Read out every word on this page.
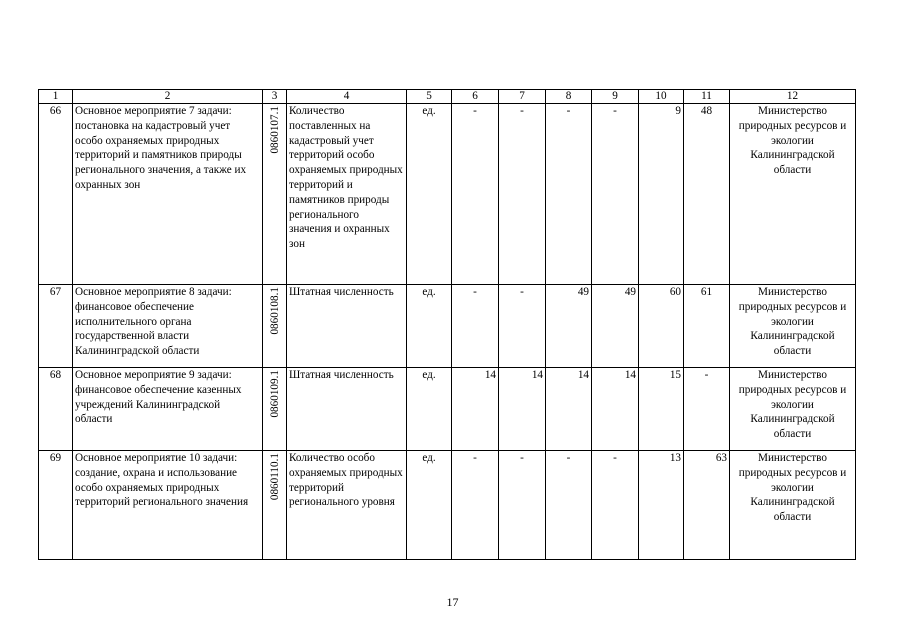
1	2	3	4	5	6	7	8	9	10	11	12
66	Основное мероприятие 7 задачи: постановка на кадастровый учет особо охраняемых природных территорий и памятников природы регионального значения, а также их охранных зон	0860107.1	Количество поставленных на кадастровый учет территорий особо охраняемых природных территорий и памятников природы регионального значения и охранных зон	ед.	-	-	-	-	9	48	Министерство природных ресурсов и экологии Калининградской области
67	Основное мероприятие 8 задачи: финансовое обеспечение исполнительного органа государственной власти Калининградской области	0860108.1	Штатная численность	ед.	-	-	49	49	60	61	Министерство природных ресурсов и экологии Калининградской области
68	Основное мероприятие 9 задачи: финансовое обеспечение казенных учреждений Калининградской области	0860109.1	Штатная численность	ед.	14	14	14	14	15	-	Министерство природных ресурсов и экологии Калининградской области
69	Основное мероприятие 10 задачи: создание, охрана и использование особо охраняемых природных территорий регионального значения	0860110.1	Количество особо охраняемых природных территорий регионального уровня	ед.	-	-	-	-	13	63	Министерство природных ресурсов и экологии Калининградской области
17
